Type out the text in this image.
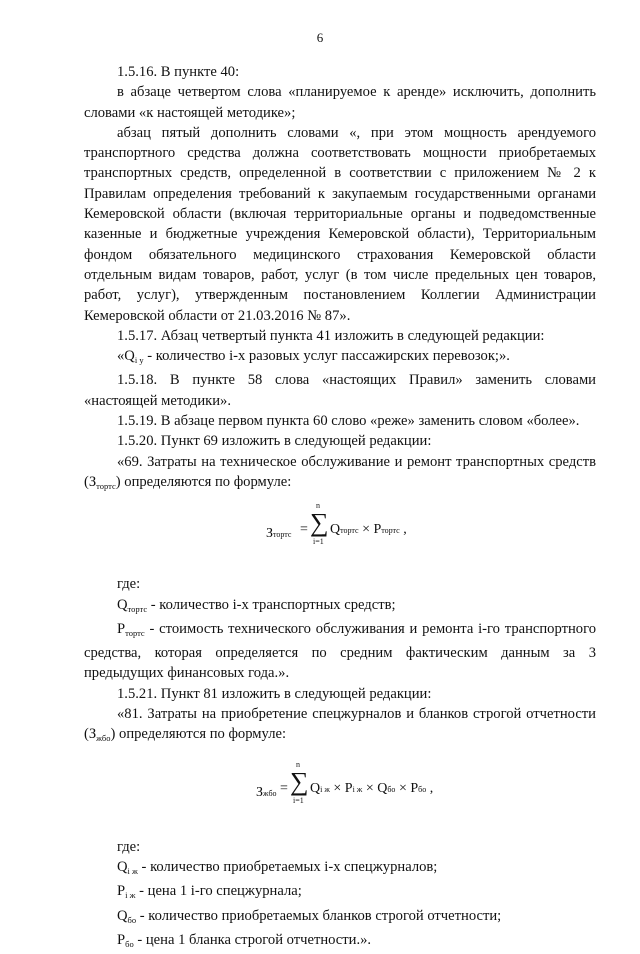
6

1.5.16. В пункте 40:

в абзаце четвертом слова «планируемое к аренде» исключить, дополнить словами «к настоящей методике»;

абзац пятый дополнить словами «, при этом мощность арендуемого транспортного средства должна соответствовать мощности приобретаемых транспортных средств, определенной в соответствии с приложением № 2 к Правилам определения требований к закупаемым государственными органами Кемеровской области (включая территориальные органы и подведомственные казенные и бюджетные учреждения Кемеровской области), Территориальным фондом обязательного медицинского страхования Кемеровской области отдельным видам товаров, работ, услуг (в том числе предельных цен товаров, работ, услуг), утвержденным постановлением Коллегии Администрации Кемеровской области от 21.03.2016 № 87».

1.5.17. Абзац четвертый пункта 41 изложить в следующей редакции:

«$Q_{i у}$ - количество i-х разовых услуг пассажирских перевозок;».

1.5.18. В пункте 58 слова «настоящих Правил» заменить словами «настоящей методики».

1.5.19. В абзаце первом пункта 60 слово «реже» заменить словом «более».

1.5.20. Пункт 69 изложить в следующей редакции:

«69. Затраты на техническое обслуживание и ремонт транспортных средств $(З_{тортс})$ определяются по формуле:

Зтортс =
n
∑
i=1
Qтортс × Pтортс ,

где:

$Q_{тортс}$ - количество i-х транспортных средств;

$P_{тортс}$ - стоимость технического обслуживания и ремонта i-го транспортного средства, которая определяется по средним фактическим данным за 3 предыдущих финансовых года.».

1.5.21. Пункт 81 изложить в следующей редакции:

«81. Затраты на приобретение спецжурналов и бланков строгой отчетности $(З_{жбо})$ определяются по формуле:

Зжбо =
n
∑
i=1
Qi ж × Pi ж × Qбо × Pбо ,

где:

$Q_{i ж}$ - количество приобретаемых i-х спецжурналов;

$P_{i ж}$ - цена 1 i-го спецжурнала;

$Q_{бо}$ - количество приобретаемых бланков строгой отчетности;

$P_{бо}$ - цена 1 бланка строгой отчетности.».
